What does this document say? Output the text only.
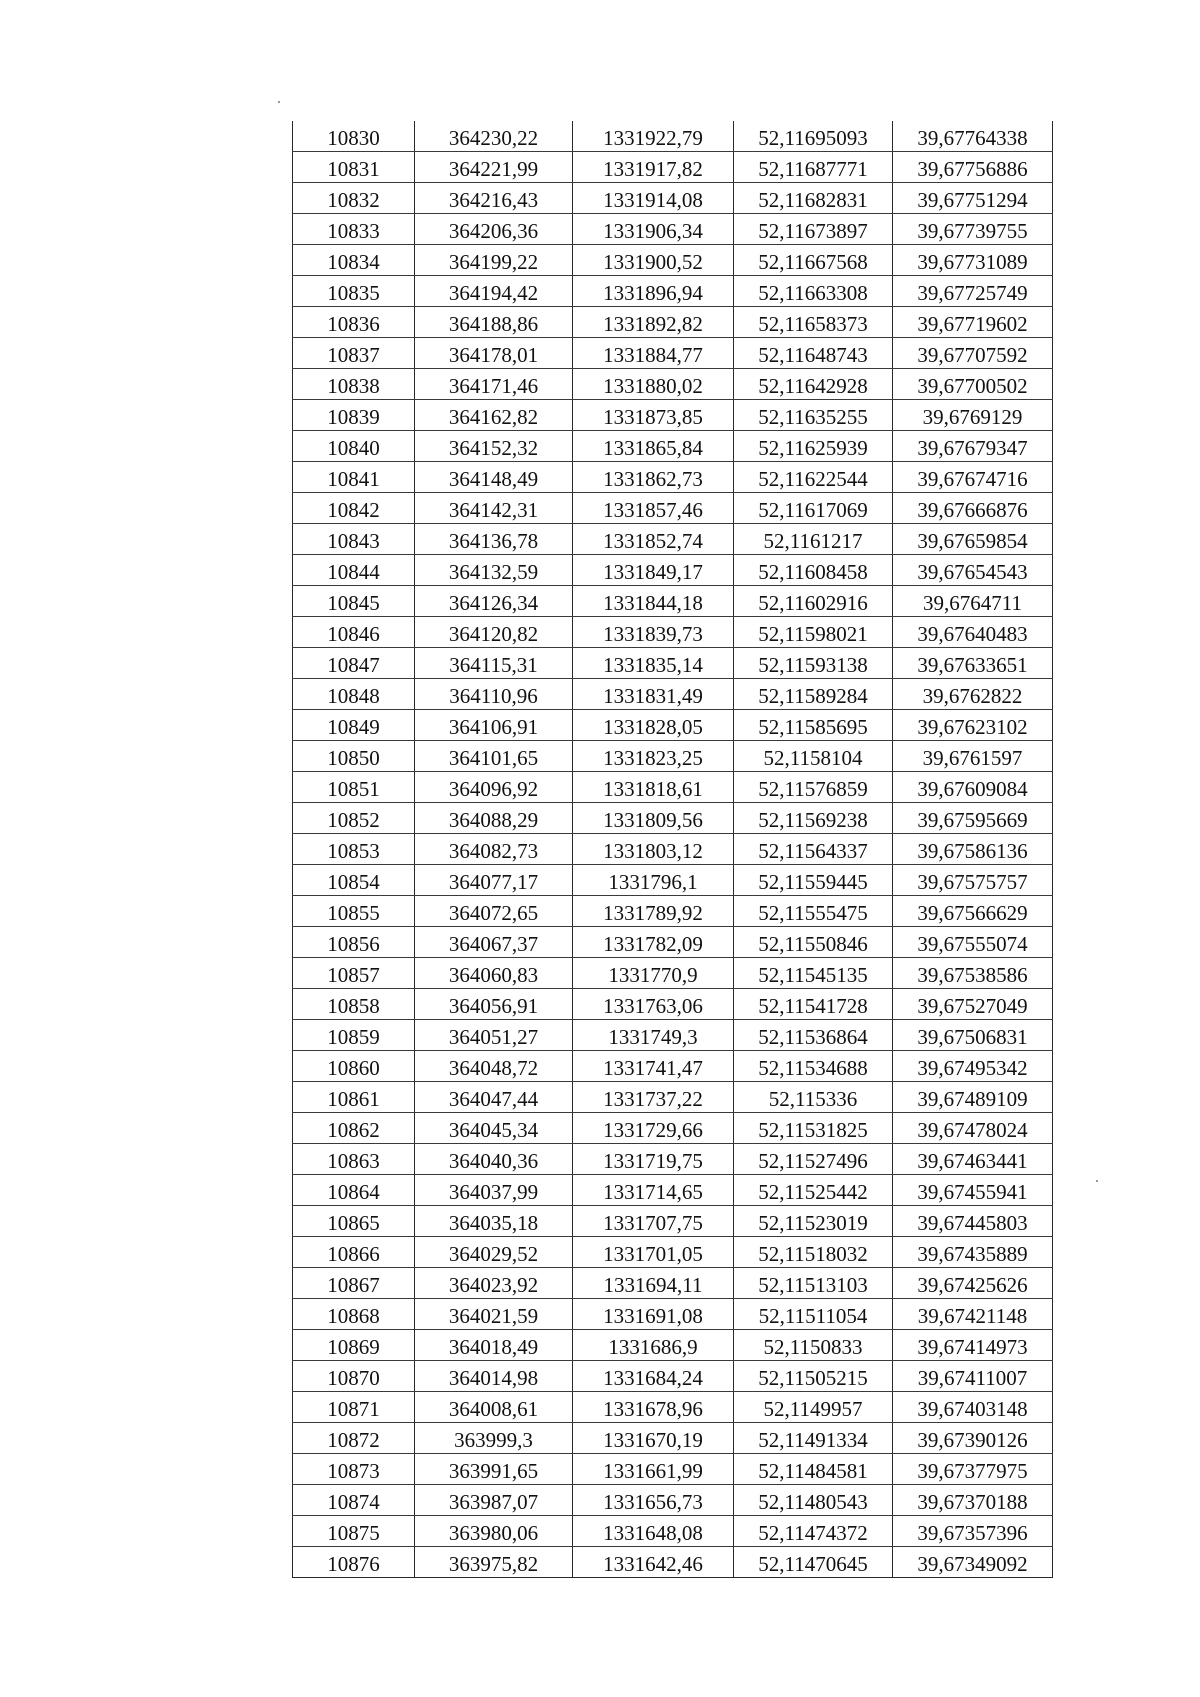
10830	364230,22	1331922,79	52,11695093	39,67764338
10831	364221,99	1331917,82	52,11687771	39,67756886
10832	364216,43	1331914,08	52,11682831	39,67751294
10833	364206,36	1331906,34	52,11673897	39,67739755
10834	364199,22	1331900,52	52,11667568	39,67731089
10835	364194,42	1331896,94	52,11663308	39,67725749
10836	364188,86	1331892,82	52,11658373	39,67719602
10837	364178,01	1331884,77	52,11648743	39,67707592
10838	364171,46	1331880,02	52,11642928	39,67700502
10839	364162,82	1331873,85	52,11635255	39,6769129
10840	364152,32	1331865,84	52,11625939	39,67679347
10841	364148,49	1331862,73	52,11622544	39,67674716
10842	364142,31	1331857,46	52,11617069	39,67666876
10843	364136,78	1331852,74	52,1161217	39,67659854
10844	364132,59	1331849,17	52,11608458	39,67654543
10845	364126,34	1331844,18	52,11602916	39,6764711
10846	364120,82	1331839,73	52,11598021	39,67640483
10847	364115,31	1331835,14	52,11593138	39,67633651
10848	364110,96	1331831,49	52,11589284	39,6762822
10849	364106,91	1331828,05	52,11585695	39,67623102
10850	364101,65	1331823,25	52,1158104	39,6761597
10851	364096,92	1331818,61	52,11576859	39,67609084
10852	364088,29	1331809,56	52,11569238	39,67595669
10853	364082,73	1331803,12	52,11564337	39,67586136
10854	364077,17	1331796,1	52,11559445	39,67575757
10855	364072,65	1331789,92	52,11555475	39,67566629
10856	364067,37	1331782,09	52,11550846	39,67555074
10857	364060,83	1331770,9	52,11545135	39,67538586
10858	364056,91	1331763,06	52,11541728	39,67527049
10859	364051,27	1331749,3	52,11536864	39,67506831
10860	364048,72	1331741,47	52,11534688	39,67495342
10861	364047,44	1331737,22	52,115336	39,67489109
10862	364045,34	1331729,66	52,11531825	39,67478024
10863	364040,36	1331719,75	52,11527496	39,67463441
10864	364037,99	1331714,65	52,11525442	39,67455941
10865	364035,18	1331707,75	52,11523019	39,67445803
10866	364029,52	1331701,05	52,11518032	39,67435889
10867	364023,92	1331694,11	52,11513103	39,67425626
10868	364021,59	1331691,08	52,11511054	39,67421148
10869	364018,49	1331686,9	52,1150833	39,67414973
10870	364014,98	1331684,24	52,11505215	39,67411007
10871	364008,61	1331678,96	52,1149957	39,67403148
10872	363999,3	1331670,19	52,11491334	39,67390126
10873	363991,65	1331661,99	52,11484581	39,67377975
10874	363987,07	1331656,73	52,11480543	39,67370188
10875	363980,06	1331648,08	52,11474372	39,67357396
10876	363975,82	1331642,46	52,11470645	39,67349092
